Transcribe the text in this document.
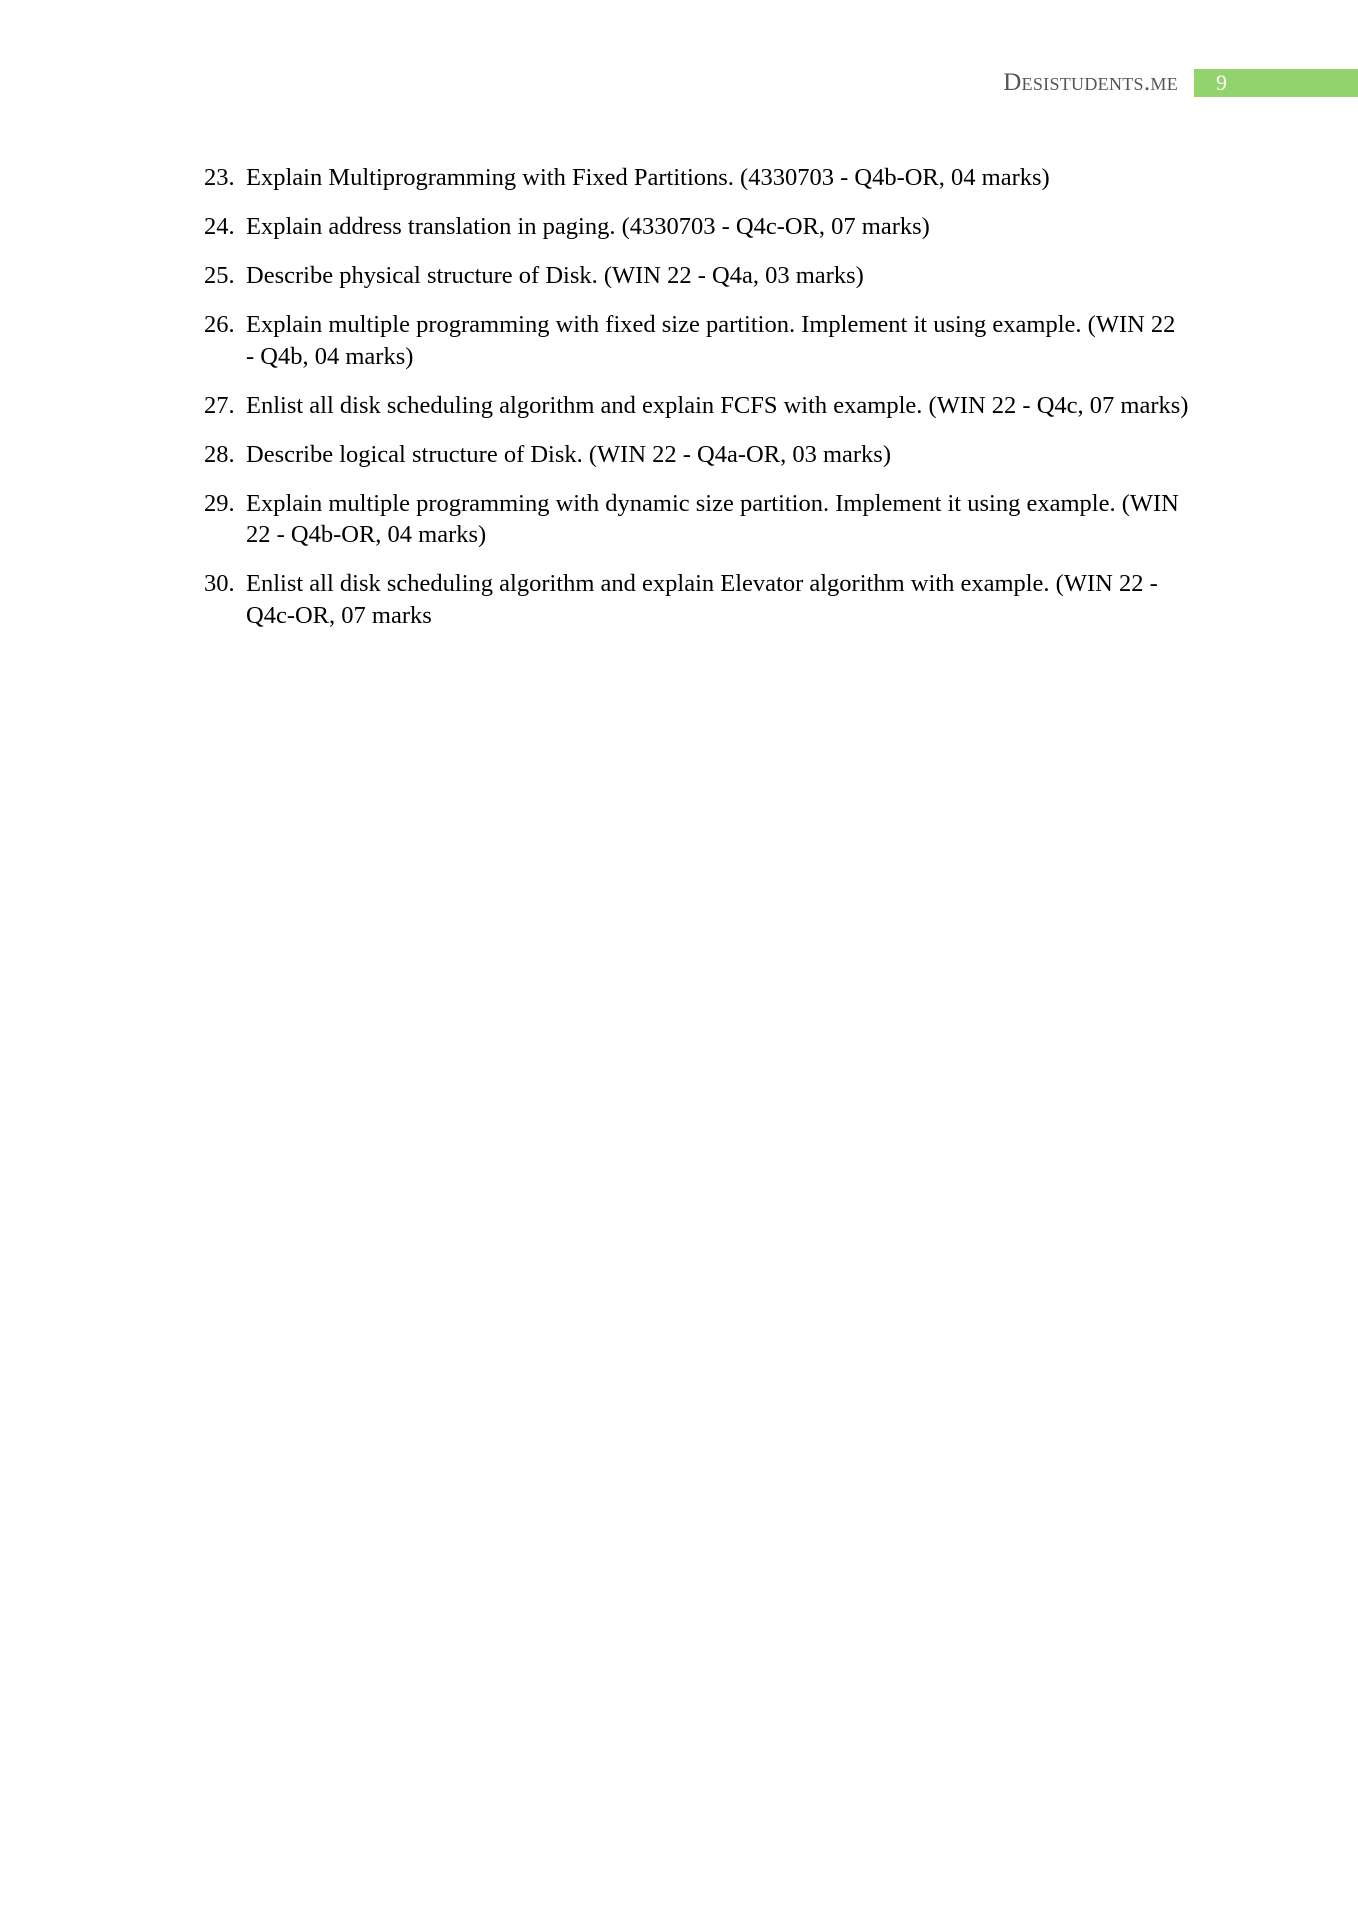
Desistudents.me	9
23. Explain Multiprogramming with Fixed Partitions. (4330703 - Q4b-OR, 04 marks)
24. Explain address translation in paging. (4330703 - Q4c-OR, 07 marks)
25. Describe physical structure of Disk. (WIN 22 - Q4a, 03 marks)
26. Explain multiple programming with fixed size partition. Implement it using example. (WIN 22 - Q4b, 04 marks)
27. Enlist all disk scheduling algorithm and explain FCFS with example. (WIN 22 - Q4c, 07 marks)
28. Describe logical structure of Disk. (WIN 22 - Q4a-OR, 03 marks)
29. Explain multiple programming with dynamic size partition. Implement it using example. (WIN 22 - Q4b-OR, 04 marks)
30. Enlist all disk scheduling algorithm and explain Elevator algorithm with example. (WIN 22 - Q4c-OR, 07 marks
